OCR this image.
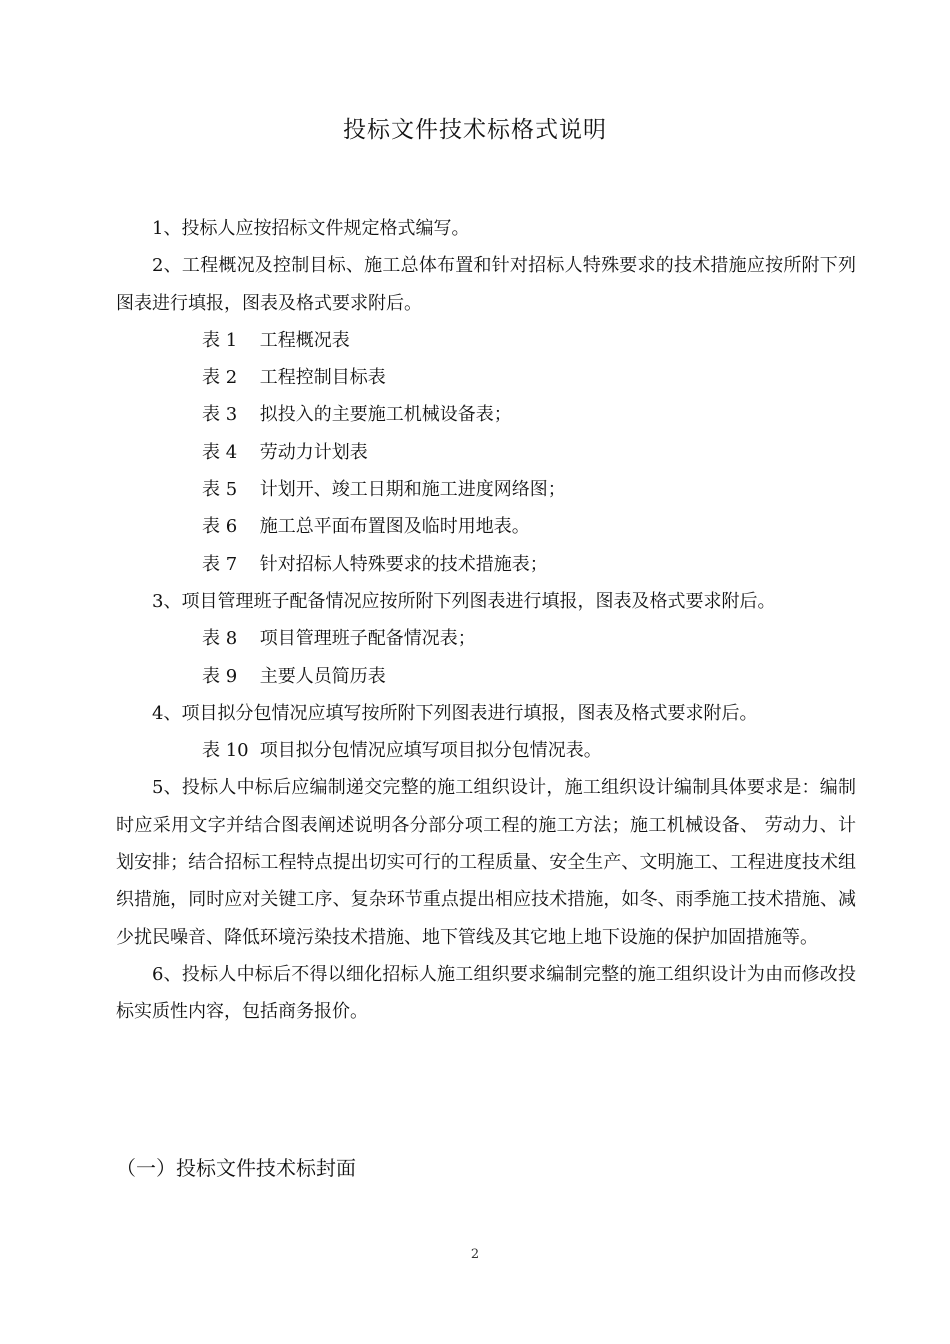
投标文件技术标格式说明

1、投标人应按招标文件规定格式编写。

2、工程概况及控制目标、施工总体布置和针对招标人特殊要求的技术措施应按所附下列图表进行填报，图表及格式要求附后。

表 1 工程概况表

表 2 工程控制目标表

表 3 拟投入的主要施工机械设备表；

表 4 劳动力计划表

表 5 计划开、竣工日期和施工进度网络图；

表 6 施工总平面布置图及临时用地表。

表 7 针对招标人特殊要求的技术措施表；

3、项目管理班子配备情况应按所附下列图表进行填报，图表及格式要求附后。

表 8 项目管理班子配备情况表；

表 9 主要人员简历表

4、项目拟分包情况应填写按所附下列图表进行填报，图表及格式要求附后。

表 10 项目拟分包情况应填写项目拟分包情况表。

5、投标人中标后应编制递交完整的施工组织设计，施工组织设计编制具体要求是：编制时应采用文字并结合图表阐述说明各分部分项工程的施工方法；施工机械设备、 劳动力、计划安排；结合招标工程特点提出切实可行的工程质量、安全生产、文明施工、工程进度技术组织措施，同时应对关键工序、复杂环节重点提出相应技术措施，如冬、雨季施工技术措施、减少扰民噪音、降低环境污染技术措施、地下管线及其它地上地下设施的保护加固措施等。

6、投标人中标后不得以细化招标人施工组织要求编制完整的施工组织设计为由而修改投标实质性内容，包括商务报价。

（一）投标文件技术标封面
2
